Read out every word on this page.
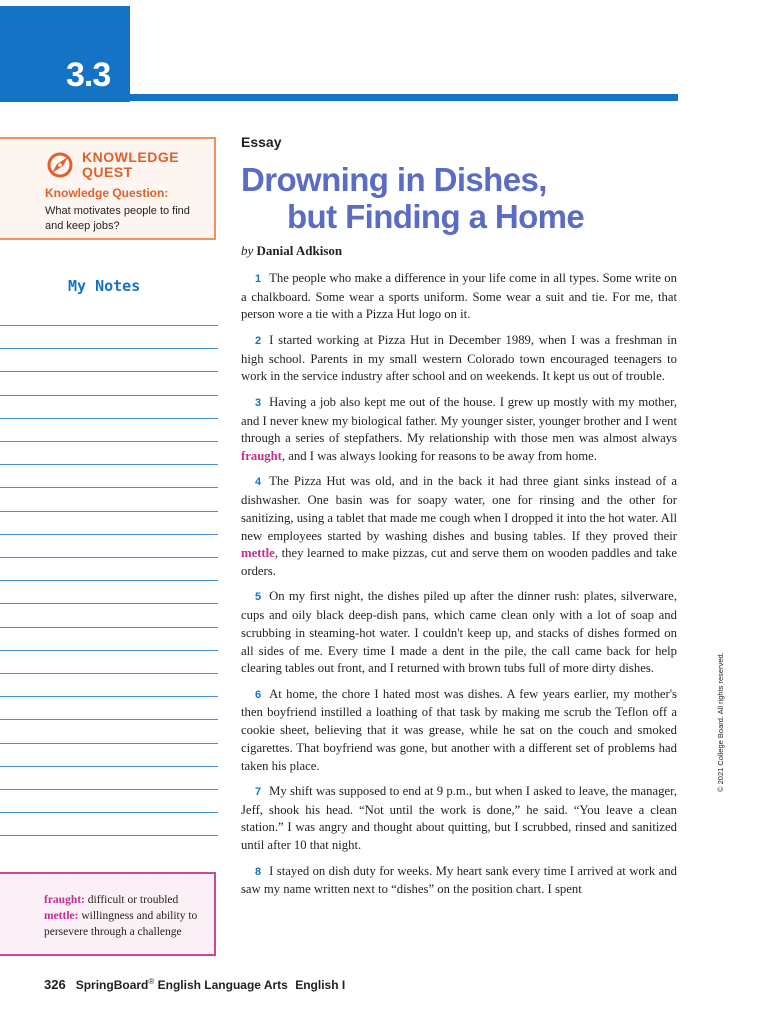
3.3
KNOWLEDGE
QUEST
Knowledge Question:
What motivates people to find and keep jobs?
My Notes
fraught: difficult or troubled
mettle: willingness and ability to persevere through a challenge
Essay
Drowning in Dishes,
but Finding a Home
by Danial Adkison

1 The people who make a difference in your life come in all types. Some write on a chalkboard. Some wear a sports uniform. Some wear a suit and tie. For me, that person wore a tie with a Pizza Hut logo on it.

2 I started working at Pizza Hut in December 1989, when I was a freshman in high school. Parents in my small western Colorado town encouraged teenagers to work in the service industry after school and on weekends. It kept us out of trouble.

3 Having a job also kept me out of the house. I grew up mostly with my mother, and I never knew my biological father. My younger sister, younger brother and I went through a series of stepfathers. My relationship with those men was almost always fraught, and I was always looking for reasons to be away from home.

4 The Pizza Hut was old, and in the back it had three giant sinks instead of a dishwasher. One basin was for soapy water, one for rinsing and the other for sanitizing, using a tablet that made me cough when I dropped it into the hot water. All new employees started by washing dishes and busing tables. If they proved their mettle, they learned to make pizzas, cut and serve them on wooden paddles and take orders.

5 On my first night, the dishes piled up after the dinner rush: plates, silverware, cups and oily black deep-dish pans, which came clean only with a lot of soap and scrubbing in steaming-hot water. I couldn't keep up, and stacks of dishes formed on all sides of me. Every time I made a dent in the pile, the call came back for help clearing tables out front, and I returned with brown tubs full of more dirty dishes.

6 At home, the chore I hated most was dishes. A few years earlier, my mother's then boyfriend instilled a loathing of that task by making me scrub the Teflon off a cookie sheet, believing that it was grease, while he sat on the couch and smoked cigarettes. That boyfriend was gone, but another with a different set of problems had taken his place.

7 My shift was supposed to end at 9 p.m., but when I asked to leave, the manager, Jeff, shook his head. “Not until the work is done,” he said. “You leave a clean station.” I was angry and thought about quitting, but I scrubbed, rinsed and sanitized until after 10 that night.

8 I stayed on dish duty for weeks. My heart sank every time I arrived at work and saw my name written next to “dishes” on the position chart. I spent

© 2021 College Board. All rights reserved.
326 SpringBoard® English Language Arts English I
